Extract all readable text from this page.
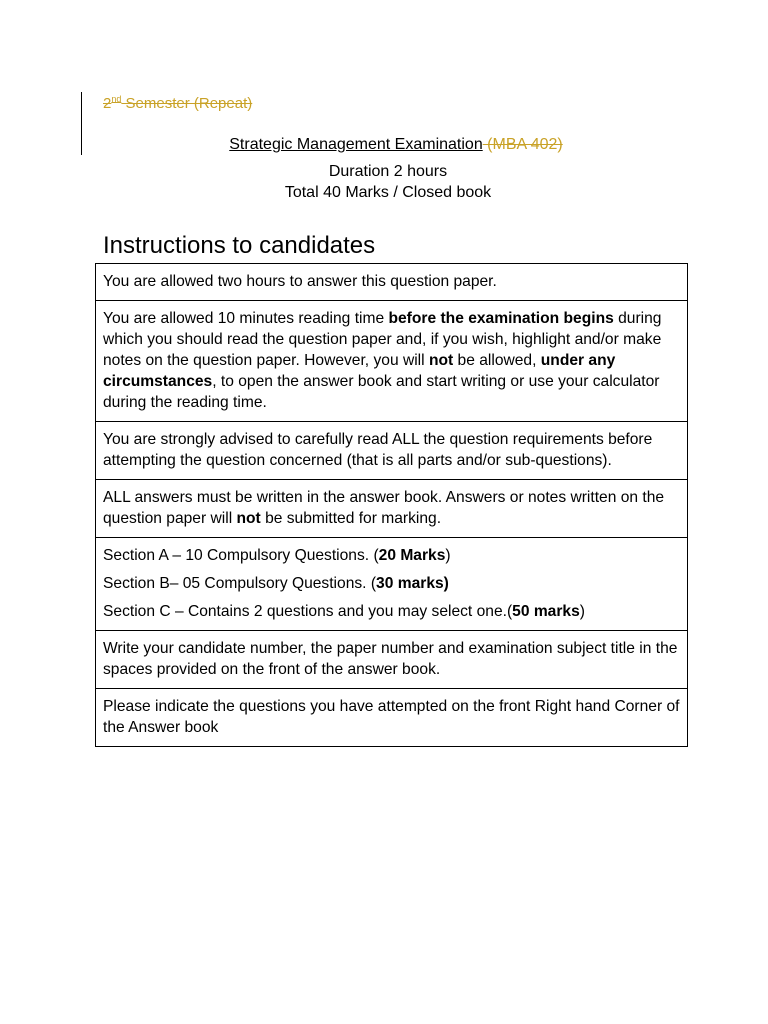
2nd Semester (Repeat)
Strategic Management Examination (MBA 402)
Duration 2 hours
Total 40 Marks / Closed book
Instructions to candidates
You are allowed two hours to answer this question paper.
You are allowed 10 minutes reading time before the examination begins during which you should read the question paper and, if you wish, highlight and/or make notes on the question paper. However, you will not be allowed, under any circumstances, to open the answer book and start writing or use your calculator during the reading time.
You are strongly advised to carefully read ALL the question requirements before attempting the question concerned (that is all parts and/or sub-questions).
ALL answers must be written in the answer book. Answers or notes written on the question paper will not be submitted for marking.

Section A – 10 Compulsory Questions. (20 Marks)
Section B– 05 Compulsory Questions. (30 marks)
Section C – Contains 2 questions and you may select one.(50 marks)

Write your candidate number, the paper number and examination subject title in the spaces provided on the front of the answer book.
Please indicate the questions you have attempted on the front Right hand Corner of the Answer book
